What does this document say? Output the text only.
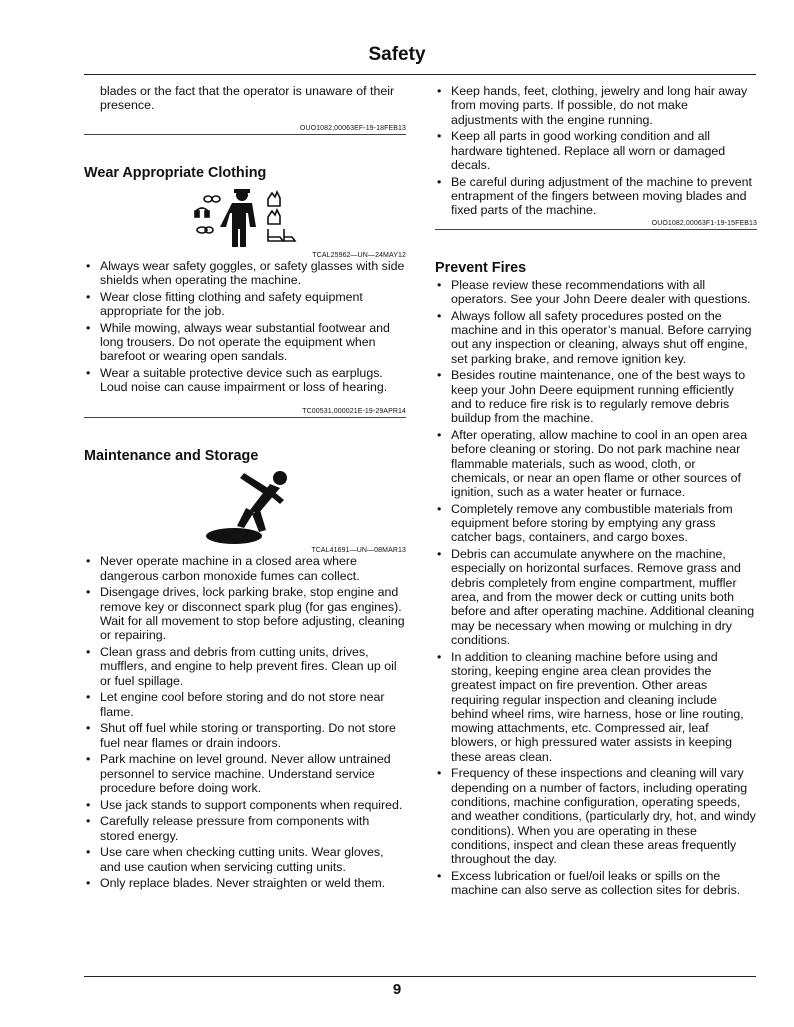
Safety
blades or the fact that the operator is unaware of their presence.
OUO1082,00063EF-19-18FEB13
Wear Appropriate Clothing
TCAL25962—UN—24MAY12
• Always wear safety goggles, or safety glasses with side shields when operating the machine.
• Wear close fitting clothing and safety equipment appropriate for the job.
• While mowing, always wear substantial footwear and long trousers. Do not operate the equipment when barefoot or wearing open sandals.
• Wear a suitable protective device such as earplugs. Loud noise can cause impairment or loss of hearing.
TC00531,000021E-19-29APR14
Maintenance and Storage
TCAL41691—UN—08MAR13
• Never operate machine in a closed area where dangerous carbon monoxide fumes can collect.
• Disengage drives, lock parking brake, stop engine and remove key or disconnect spark plug (for gas engines). Wait for all movement to stop before adjusting, cleaning or repairing.
• Clean grass and debris from cutting units, drives, mufflers, and engine to help prevent fires. Clean up oil or fuel spillage.
• Let engine cool before storing and do not store near flame.
• Shut off fuel while storing or transporting. Do not store fuel near flames or drain indoors.
• Park machine on level ground. Never allow untrained personnel to service machine. Understand service procedure before doing work.
• Use jack stands to support components when required.
• Carefully release pressure from components with stored energy.
• Use care when checking cutting units. Wear gloves, and use caution when servicing cutting units.
• Only replace blades. Never straighten or weld them.
• Keep hands, feet, clothing, jewelry and long hair away from moving parts. If possible, do not make adjustments with the engine running.
• Keep all parts in good working condition and all hardware tightened. Replace all worn or damaged decals.
• Be careful during adjustment of the machine to prevent entrapment of the fingers between moving blades and fixed parts of the machine.
OUO1082,00063F1-19-15FEB13
Prevent Fires
• Please review these recommendations with all operators. See your John Deere dealer with questions.
• Always follow all safety procedures posted on the machine and in this operator’s manual. Before carrying out any inspection or cleaning, always shut off engine, set parking brake, and remove ignition key.
• Besides routine maintenance, one of the best ways to keep your John Deere equipment running efficiently and to reduce fire risk is to regularly remove debris buildup from the machine.
• After operating, allow machine to cool in an open area before cleaning or storing. Do not park machine near flammable materials, such as wood, cloth, or chemicals, or near an open flame or other sources of ignition, such as a water heater or furnace.
• Completely remove any combustible materials from equipment before storing by emptying any grass catcher bags, containers, and cargo boxes.
• Debris can accumulate anywhere on the machine, especially on horizontal surfaces. Remove grass and debris completely from engine compartment, muffler area, and from the mower deck or cutting units both before and after operating machine. Additional cleaning may be necessary when mowing or mulching in dry conditions.
• In addition to cleaning machine before using and storing, keeping engine area clean provides the greatest impact on fire prevention. Other areas requiring regular inspection and cleaning include behind wheel rims, wire harness, hose or line routing, mowing attachments, etc. Compressed air, leaf blowers, or high pressured water assists in keeping these areas clean.
• Frequency of these inspections and cleaning will vary depending on a number of factors, including operating conditions, machine configuration, operating speeds, and weather conditions, (particularly dry, hot, and windy conditions). When you are operating in these conditions, inspect and clean these areas frequently throughout the day.
• Excess lubrication or fuel/oil leaks or spills on the machine can also serve as collection sites for debris.
9
